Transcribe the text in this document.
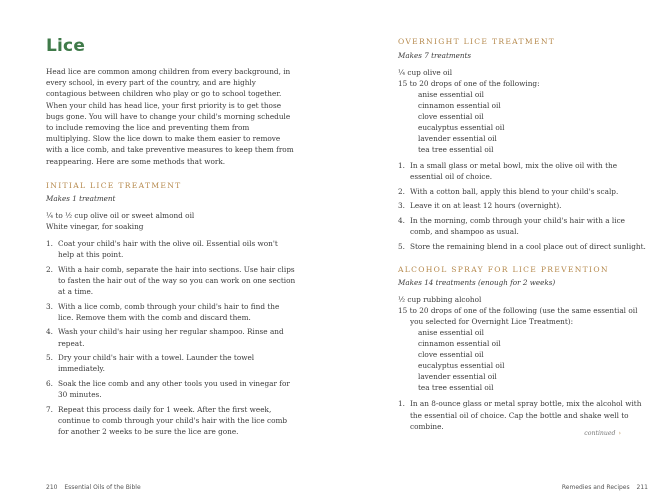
Lice

Head lice are common among children from every background, in every school, in every part of the country, and are highly contagious between children who play or go to school together. When your child has head lice, your first priority is to get those bugs gone. You will have to change your child's morning schedule to include removing the lice and preventing them from multiplying. Slow the lice down to make them easier to remove with a lice comb, and take preventive measures to keep them from reappearing. Here are some methods that work.

INITIAL LICE TREATMENT

Makes 1 treatment

¼ to ½ cup olive oil or sweet almond oil

White vinegar, for soaking

1. Coat your child's hair with the olive oil. Essential oils won't help at this point.
2. With a hair comb, separate the hair into sections. Use hair clips to fasten the hair out of the way so you can work on one section at a time.
3. With a lice comb, comb through your child's hair to find the lice. Remove them with the comb and discard them.
4. Wash your child's hair using her regular shampoo. Rinse and repeat.
5. Dry your child's hair with a towel. Launder the towel immediately.
6. Soak the lice comb and any other tools you used in vinegar for 30 minutes.
7. Repeat this process daily for 1 week. After the first week, continue to comb through your child's hair with the lice comb for another 2 weeks to be sure the lice are gone.
210 Essential Oils of the Bible

OVERNIGHT LICE TREATMENT

Makes 7 treatments

¼ cup olive oil

15 to 20 drops of one of the following:

anise essential oil

cinnamon essential oil

clove essential oil

eucalyptus essential oil

lavender essential oil

tea tree essential oil

1. In a small glass or metal bowl, mix the olive oil with the essential oil of choice.
2. With a cotton ball, apply this blend to your child's scalp.
3. Leave it on at least 12 hours (overnight).
4. In the morning, comb through your child's hair with a lice comb, and shampoo as usual.
5. Store the remaining blend in a cool place out of direct sunlight.

ALCOHOL SPRAY FOR LICE PREVENTION

Makes 14 treatments (enough for 2 weeks)

½ cup rubbing alcohol

15 to 20 drops of one of the following (use the same essential oil you selected for Overnight Lice Treatment):

anise essential oil

cinnamon essential oil

clove essential oil

eucalyptus essential oil

lavender essential oil

tea tree essential oil

1. In an 8-ounce glass or metal spray bottle, mix the alcohol with the essential oil of choice. Cap the bottle and shake well to combine.
continued ›
Remedies and Recipes 211
